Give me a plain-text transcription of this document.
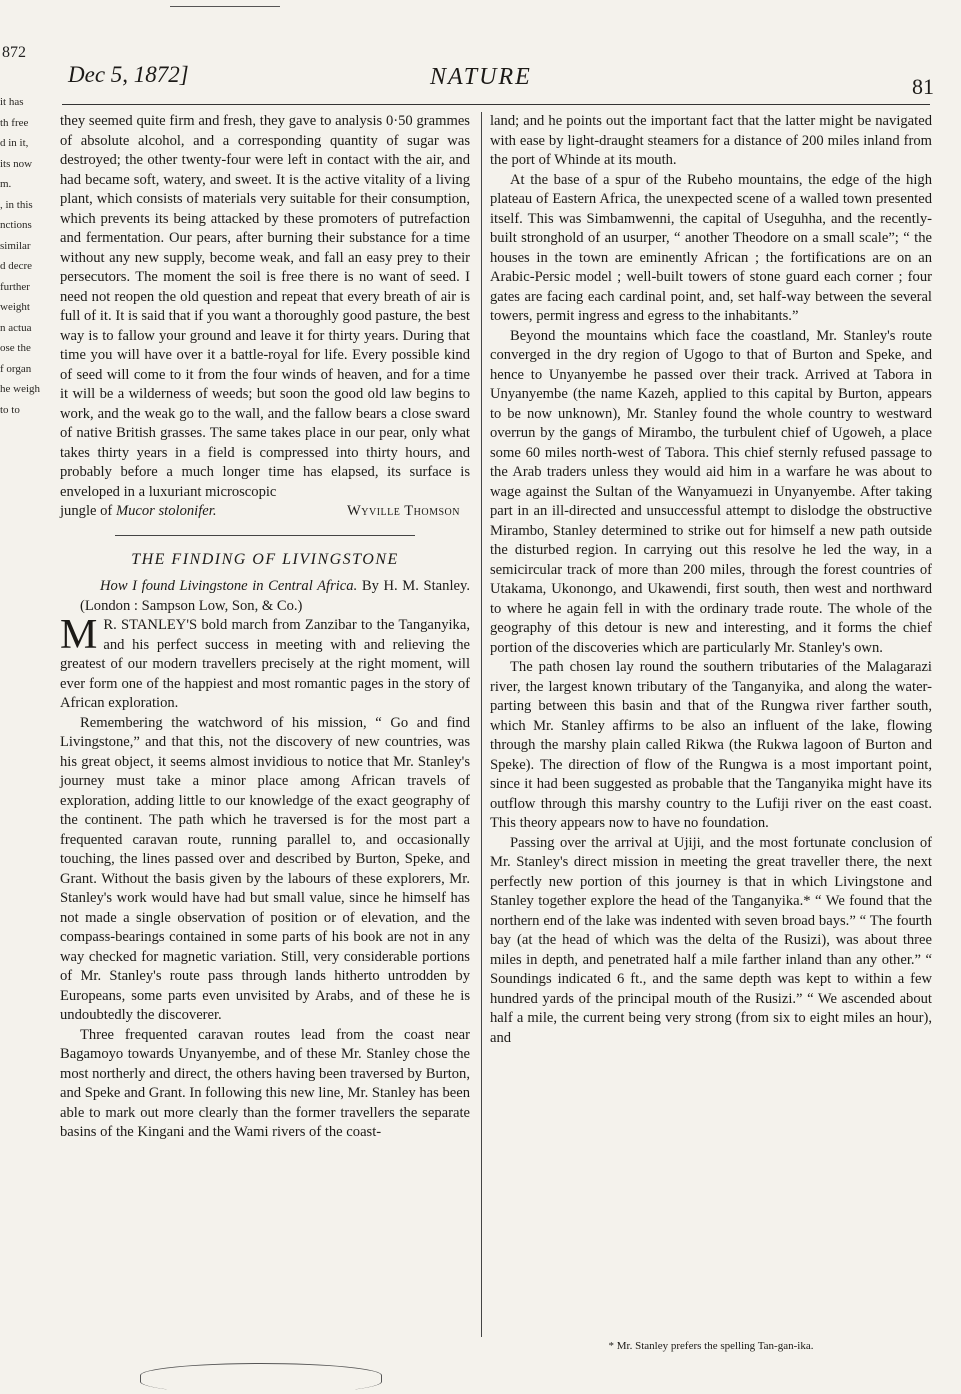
872
it has
th free
d in it,
its now
m.
, in this
nctions
similar
d decre
further
weight
n actua
ose the
f organ
he weigh
to to
Dec 5, 1872]	NATURE	81

they seemed quite firm and fresh, they gave to analysis 0·50 grammes of absolute alcohol, and a corresponding quantity of sugar was destroyed; the other twenty-four were left in contact with the air, and had became soft, watery, and sweet. It is the active vitality of a living plant, which consists of materials very suitable for their consumption, which prevents its being attacked by these promoters of putrefaction and fermentation. Our pears, after burning their substance for a time without any new supply, become weak, and fall an easy prey to their persecutors. The moment the soil is free there is no want of seed. I need not reopen the old question and repeat that every breath of air is full of it. It is said that if you want a thoroughly good pasture, the best way is to fallow your ground and leave it for thirty years. During that time you will have over it a battle-royal for life. Every possible kind of seed will come to it from the four winds of heaven, and for a time it will be a wilderness of weeds; but soon the good old law begins to work, and the weak go to the wall, and the fallow bears a close sward of native British grasses. The same takes place in our pear, only what takes thirty years in a field is compressed into thirty hours, and probably before a much longer time has elapsed, its surface is enveloped in a luxuriant microscopic

jungle of Mucor stolonifer.	Wyville Thomson
THE FINDING OF LIVINGSTONE

How I found Livingstone in Central Africa. By H. M. Stanley. (London : Sampson Low, Son, & Co.)

M R. STANLEY'S bold march from Zanzibar to the Tanganyika, and his perfect success in meeting with and relieving the greatest of our modern travellers precisely at the right moment, will ever form one of the happiest and most romantic pages in the story of African exploration.

Remembering the watchword of his mission, “ Go and find Livingstone,” and that this, not the discovery of new countries, was his great object, it seems almost invidious to notice that Mr. Stanley's journey must take a minor place among African travels of exploration, adding little to our knowledge of the exact geography of the continent. The path which he traversed is for the most part a frequented caravan route, running parallel to, and occasionally touching, the lines passed over and described by Burton, Speke, and Grant. Without the basis given by the labours of these explorers, Mr. Stanley's work would have had but small value, since he himself has not made a single observation of position or of elevation, and the compass-bearings contained in some parts of his book are not in any way checked for magnetic variation. Still, very considerable portions of Mr. Stanley's route pass through lands hitherto untrodden by Europeans, some parts even unvisited by Arabs, and of these he is undoubtedly the discoverer.

Three frequented caravan routes lead from the coast near Bagamoyo towards Unyanyembe, and of these Mr. Stanley chose the most northerly and direct, the others having been traversed by Burton, and Speke and Grant. In following this new line, Mr. Stanley has been able to mark out more clearly than the former travellers the separate basins of the Kingani and the Wami rivers of the coast-

land; and he points out the important fact that the latter might be navigated with ease by light-draught steamers for a distance of 200 miles inland from the port of Whinde at its mouth.

At the base of a spur of the Rubeho mountains, the edge of the high plateau of Eastern Africa, the unexpected scene of a walled town presented itself. This was Simbamwenni, the capital of Useguhha, and the recently-built stronghold of an usurper, “ another Theodore on a small scale”; “ the houses in the town are eminently African ; the fortifications are on an Arabic-Persic model ; well-built towers of stone guard each corner ; four gates are facing each cardinal point, and, set half-way between the several towers, permit ingress and egress to the inhabitants.”

Beyond the mountains which face the coastland, Mr. Stanley's route converged in the dry region of Ugogo to that of Burton and Speke, and hence to Unyanyembe he passed over their track. Arrived at Tabora in Unyanyembe (the name Kazeh, applied to this capital by Burton, appears to be now unknown), Mr. Stanley found the whole country to westward overrun by the gangs of Mirambo, the turbulent chief of Ugoweh, a place some 60 miles north-west of Tabora. This chief sternly refused passage to the Arab traders unless they would aid him in a warfare he was about to wage against the Sultan of the Wanyamuezi in Unyanyembe. After taking part in an ill-directed and unsuccessful attempt to dislodge the obstructive Mirambo, Stanley determined to strike out for himself a new path outside the disturbed region. In carrying out this resolve he led the way, in a semicircular track of more than 200 miles, through the forest countries of Utakama, Ukonongo, and Ukawendi, first south, then west and northward to where he again fell in with the ordinary trade route. The whole of the geography of this detour is new and interesting, and it forms the chief portion of the discoveries which are particularly Mr. Stanley's own.

The path chosen lay round the southern tributaries of the Malagarazi river, the largest known tributary of the Tanganyika, and along the water-parting between this basin and that of the Rungwa river farther south, which Mr. Stanley affirms to be also an influent of the lake, flowing through the marshy plain called Rikwa (the Rukwa lagoon of Burton and Speke). The direction of flow of the Rungwa is a most important point, since it had been suggested as probable that the Tanganyika might have its outflow through this marshy country to the Lufiji river on the east coast. This theory appears now to have no foundation.

Passing over the arrival at Ujiji, and the most fortunate conclusion of Mr. Stanley's direct mission in meeting the great traveller there, the next perfectly new portion of this journey is that in which Livingstone and Stanley together explore the head of the Tanganyika.* “ We found that the northern end of the lake was indented with seven broad bays.” “ The fourth bay (at the head of which was the delta of the Rusizi), was about three miles in depth, and penetrated half a mile farther inland than any other.” “ Soundings indicated 6 ft., and the same depth was kept to within a few hundred yards of the principal mouth of the Rusizi.” “ We ascended about half a mile, the current being very strong (from six to eight miles an hour), and

* Mr. Stanley prefers the spelling Tan-gan-ika.
